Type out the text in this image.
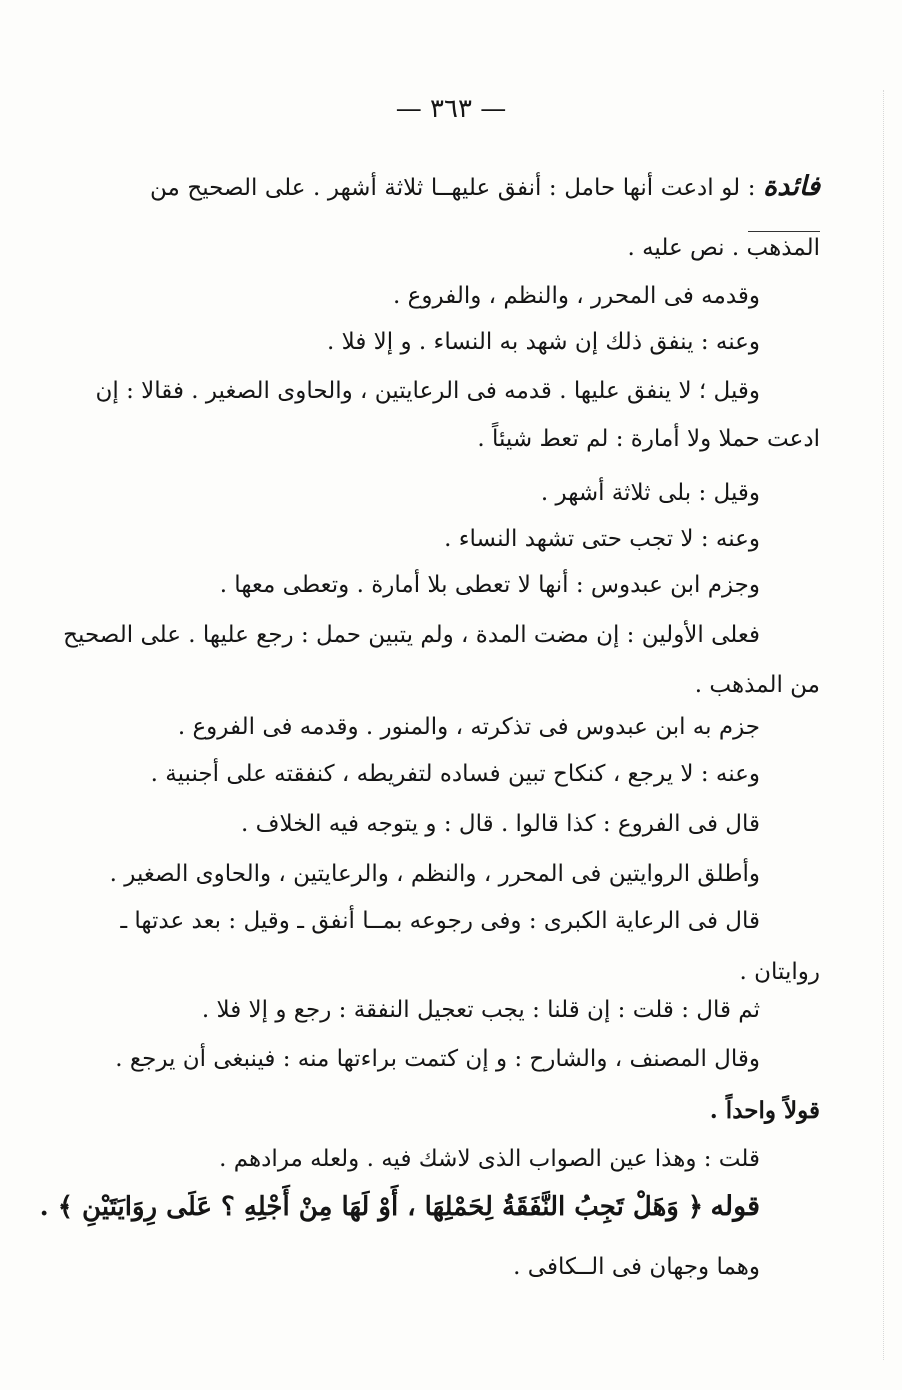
— ٣٦٣ —
فائدة : لو ادعت أنها حامل : أنفق عليهــا ثلاثة أشهر . على الصحيح من
المذهب . نص عليه .
وقدمه فى المحرر ، والنظم ، والفروع .
وعنه : ينفق ذلك إن شهد به النساء . و إلا فلا .
وقيل ؛ لا ينفق عليها . قدمه فى الرعايتين ، والحاوى الصغير . فقالا : إن
ادعت حملا ولا أمارة : لم تعط شيئاً .
وقيل : بلى ثلاثة أشهر .
وعنه : لا تجب حتى تشهد النساء .
وجزم ابن عبدوس : أنها لا تعطى بلا أمارة . وتعطى معها .
فعلى الأولين : إن مضت المدة ، ولم يتبين حمل : رجع عليها . على الصحيح
من المذهب .
جزم به ابن عبدوس فى تذكرته ، والمنور . وقدمه فى الفروع .
وعنه : لا يرجع ، كنكاح تبين فساده لتفريطه ، كنفقته على أجنبية .
قال فى الفروع : كذا قالوا . قال : و يتوجه فيه الخلاف .
وأطلق الروايتين فى المحرر ، والنظم ، والرعايتين ، والحاوى الصغير .
قال فى الرعاية الكبرى : وفى رجوعه بمــا أنفق ـ وقيل : بعد عدتها ـ
روايتان .
ثم قال : قلت : إن قلنا : يجب تعجيل النفقة : رجع و إلا فلا .
وقال المصنف ، والشارح : و إن كتمت براءتها منه : فينبغى أن يرجع .
قولاً واحداً .
قلت : وهذا عين الصواب الذى لاشك فيه . ولعله مرادهم .
قوله ﴿ وَهَلْ تَجِبُ النَّفَقَةُ لِحَمْلِهَا ، أَوْ لَهَا مِنْ أَجْلِهِ ؟ عَلَى رِوَايَتَيْنِ ﴾ .
وهما وجهان فى الــكافى .
